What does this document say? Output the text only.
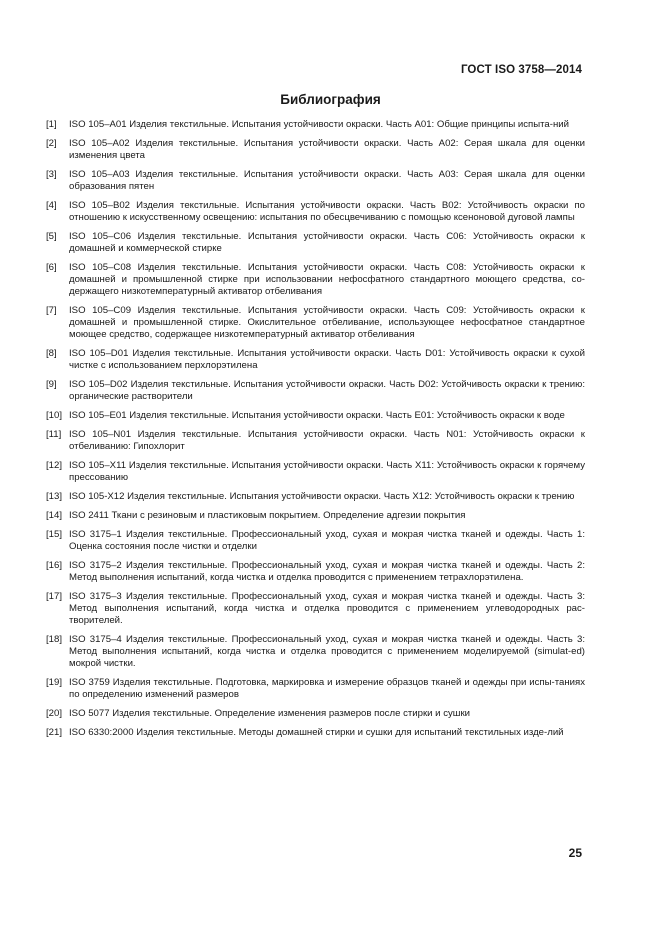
ГОСТ ISO 3758—2014
Библиография
[1]	ISO 105–A01 Изделия текстильные. Испытания устойчивости окраски. Часть A01: Общие принципы испыта-ний
[2]	ISO 105–A02 Изделия текстильные. Испытания устойчивости окраски. Часть A02: Серая шкала для оценки изменения цвета
[3]	ISO 105–A03 Изделия текстильные. Испытания устойчивости окраски. Часть A03: Серая шкала для оценки образования пятен
[4]	ISO 105–B02 Изделия текстильные. Испытания устойчивости окраски. Часть B02: Устойчивость окраски по отношению к искусственному освещению: испытания по обесцвечиванию с помощью ксеноновой дуговой лампы
[5]	ISO 105–C06 Изделия текстильные. Испытания устойчивости окраски. Часть C06: Устойчивость окраски к домашней и коммерческой стирке
[6]	ISO 105–C08 Изделия текстильные. Испытания устойчивости окраски. Часть C08: Устойчивость окраски к домашней и промышленной стирке при использовании нефосфатного стандартного моющего средства, со-держащего низкотемпературный активатор отбеливания
[7]	ISO 105–C09 Изделия текстильные. Испытания устойчивости окраски. Часть C09: Устойчивость окраски к домашней и промышленной стирке. Окислительное отбеливание, использующее нефосфатное стандартное моющее средство, содержащее низкотемпературный активатор отбеливания
[8]	ISO 105–D01 Изделия текстильные. Испытания устойчивости окраски. Часть D01: Устойчивость окраски к сухой чистке с использованием перхлорэтилена
[9]	ISO 105–D02 Изделия текстильные. Испытания устойчивости окраски. Часть D02: Устойчивость окраски к трению: органические растворители
[10] ISO 105–E01 Изделия текстильные. Испытания устойчивости окраски. Часть E01: Устойчивость окраски к воде
[11] ISO 105–N01 Изделия текстильные. Испытания устойчивости окраски. Часть N01: Устойчивость окраски к отбеливанию: Гипохлорит
[12] ISO 105–X11 Изделия текстильные. Испытания устойчивости окраски. Часть X11: Устойчивость окраски к горячему прессованию
[13] ISO 105-X12 Изделия текстильные. Испытания устойчивости окраски. Часть X12: Устойчивость окраски к трению
[14] ISO 2411 Ткани с резиновым и пластиковым покрытием. Определение адгезии покрытия
[15] ISO 3175–1 Изделия текстильные. Профессиональный уход, сухая и мокрая чистка тканей и одежды. Часть 1: Оценка состояния после чистки и отделки
[16] ISO 3175–2 Изделия текстильные. Профессиональный уход, сухая и мокрая чистка тканей и одежды. Часть 2: Метод выполнения испытаний, когда чистка и отделка проводится с применением тетрахлорэтилена.
[17] ISO 3175–3 Изделия текстильные. Профессиональный уход, сухая и мокрая чистка тканей и одежды. Часть 3: Метод выполнения испытаний, когда чистка и отделка проводится с применением углеводородных рас-творителей.
[18] ISO 3175–4 Изделия текстильные. Профессиональный уход, сухая и мокрая чистка тканей и одежды. Часть 3: Метод выполнения испытаний, когда чистка и отделка проводится с применением моделируемой (simulat-ed) мокрой чистки.
[19] ISO 3759 Изделия текстильные. Подготовка, маркировка и измерение образцов тканей и одежды при испы-таниях по определению изменений размеров
[20] ISO 5077 Изделия текстильные. Определение изменения размеров после стирки и сушки
[21] ISO 6330:2000 Изделия текстильные. Методы домашней стирки и сушки для испытаний текстильных изде-лий
25
